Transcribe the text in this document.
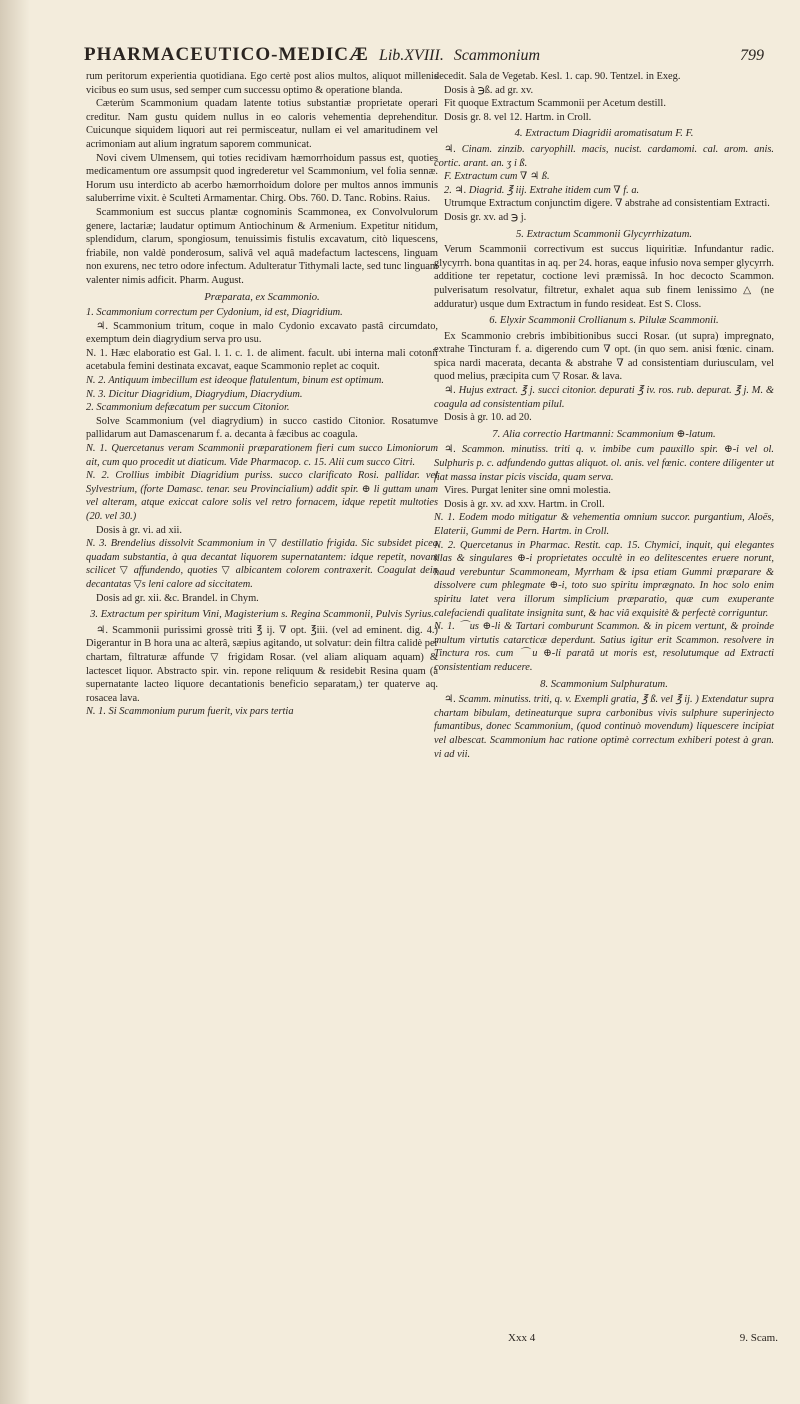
PHARMACEUTICO-MEDICÆ Lib.XVIII. Scammonium	799

rum peritorum experientia quotidiana. Ego certè post alios multos, aliquot millenis vicibus eo sum usus, sed semper cum successu optimo & operatione blanda.

Cæterùm Scammonium quadam latente totius substantiæ proprietate operari creditur. Nam gustu quidem nullus in eo caloris vehementia deprehenditur. Cuicunque siquidem liquori aut rei permisceatur, nullam ei vel amaritudinem vel acrimoniam aut alium ingratum saporem communicat.

Novi civem Ulmensem, qui toties recidivam hæmorrhoidum passus est, quoties medicamentum ore assumpsit quod ingrederetur vel Scammonium, vel folia sennæ. Horum usu interdicto ab acerbo hæmorrhoidum dolore per multos annos immunis saluberrime vixit. è Sculteti Armamentar. Chirg. Obs. 760. D. Tanc. Robins. Raius.

Scammonium est succus plantæ cognominis Scammonea, ex Convolvulorum genere, lactariæ; laudatur optimum Antiochinum & Armenium. Expetitur nitidum, splendidum, clarum, spongiosum, tenuissimis fistulis excavatum, citò liquescens, friabile, non valdè ponderosum, salivâ vel aquâ madefactum lactescens, linguam non exurens, nec tetro odore infectum. Adulteratur Tithymali lacte, sed tunc linguam valenter nimis adficit. Pharm. August.

Præparata, ex Scammonio.

1. Scammonium correctum per Cydonium, id est, Diagridium.

♃. Scammonium tritum, coque in malo Cydonio excavato pastâ circumdato, exemptum dein diagrydium serva pro usu.

N. 1. Hæc elaboratio est Gal. l. 1. c. 1. de aliment. facult. ubi interna mali cotonii acetabula femini destinata excavat, eaque Scammonio replet ac coquit.

N. 2. Antiquum imbecillum est ideoque flatulentum, binum est optimum.

N. 3. Dicitur Diagridium, Diagrydium, Diacrydium.

2. Scammonium defæcatum per succum Citonior.

Solve Scammonium (vel diagrydium) in succo castido Citonior. Rosatumve pallidarum aut Damascenarum f. a. decanta à fæcibus ac coagula.

N. 1. Quercetanus veram Scammonii præparationem fieri cum succo Limoniorum ait, cum quo procedit ut diaticum. Vide Pharmacop. c. 15. Alii cum succo Citri.

N. 2. Crollius imbibit Diagridium puriss. succo clarificato Rosi. pallidar. vel Sylvestrium, (forte Damasc. tenar. seu Provincialium) addit spir. ⊕ li guttam unam vel alteram, atque exiccat calore solis vel retro fornacem, idque repetit multoties (20. vel 30.)

Dosis à gr. vi. ad xii.

N. 3. Brendelius dissolvit Scammonium in ▽ destillatio frigida. Sic subsidet picea quadam substantia, à qua decantat liquorem supernatantem: idque repetit, novam scilicet ▽ affundendo, quoties ▽ albicantem colorem contraxerit. Coagulat dein decantatas ▽s leni calore ad siccitatem.

Dosis ad gr. xii. &c. Brandel. in Chym.

3. Extractum per spiritum Vini, Magisterium s. Regina Scammonii, Pulvis Syrius.

♃. Scammonii purissimi grossè triti ℥ ij. ∇ opt. ℥iii. (vel ad eminent. dig. 4.) Digerantur in B hora una ac alterâ, sæpius agitando, ut solvatur: dein filtra calidè per chartam, filtraturæ affunde ▽ frigidam Rosar. (vel aliam aliquam aquam) & lactescet liquor. Abstracto spir. vin. repone reliquum & residebit Resina quam (à supernatante lacteo liquore decantationis beneficio separatam,) ter quaterve aq. rosacea lava.

N. 1. Si Scammonium purum fuerit, vix pars tertia

decedit. Sala de Vegetab. Kesl. 1. cap. 90. Tentzel. in Exeg.

Dosis à ℈ß. ad gr. xv.

Fit quoque Extractum Scammonii per Acetum destill.

Dosis gr. 8. vel 12. Hartm. in Croll.

4. Extractum Diagridii aromatisatum F. F.

♃. Cinam. zinzib. caryophill. macis, nucist. cardamomi. cal. arom. anis. cortic. arant. an. ʒ i ß.

F. Extractum cum ∇ ♃ ß.

2. ♃. Diagrid. ℥ iij. Extrahe itidem cum ∇ f. a.

Utrumque Extractum conjunctim digere. ∇ abstrahe ad consistentiam Extracti.

Dosis gr. xv. ad ℈ j.

5. Extractum Scammonii Glycyrrhizatum.

Verum Scammonii correctivum est succus liquiritiæ. Infundantur radic. glycyrrh. bona quantitas in aq. per 24. horas, eaque infusio nova semper glycyrrh. additione ter repetatur, coctione levi præmissâ. In hoc decocto Scammon. pulverisatum resolvatur, filtretur, exhalet aqua sub finem lenissimo △ (ne adduratur) usque dum Extractum in fundo resideat. Est S. Closs.

6. Elyxir Scammonii Crollianum s. Pilulæ Scammonii.

Ex Scammonio crebris imbibitionibus succi Rosar. (ut supra) impregnato, extrahe Tincturam f. a. digerendo cum ∇ opt. (in quo sem. anisi fœnic. cinam. spica nardi macerata, decanta & abstrahe ∇ ad consistentiam duriusculam, vel quod melius, præcipita cum ▽ Rosar. & lava.

♃. Hujus extract. ℥ j. succi citonior. depurati ℥ iv. ros. rub. depurat. ℥ j. M. & coagula ad consistentiam pilul.

Dosis à gr. 10. ad 20.

7. Alia correctio Hartmanni: Scammonium ⊕-latum.

♃. Scammon. minutiss. triti q. v. imbibe cum pauxillo spir. ⊕-i vel ol. Sulphuris p. c. adfundendo guttas aliquot. ol. anis. vel fœnic. contere diligenter ut fiat massa instar picis viscida, quam serva.

Vires. Purgat leniter sine omni molestia.

Dosis à gr. xv. ad xxv. Hartm. in Croll.

N. 1. Eodem modo mitigatur & vehementia omnium succor. purgantium, Aloës, Elaterii, Gummi de Pern. Hartm. in Croll.

N. 2. Quercetanus in Pharmac. Restit. cap. 15. Chymici, inquit, qui elegantes illas & singulares ⊕-i proprietates occultè in eo delitescentes eruere norunt, haud verebuntur Scammoneam, Myrrham & ipsa etiam Gummi præparare & dissolvere cum phlegmate ⊕-i, toto suo spiritu imprægnato. In hoc solo enim spiritu latet vera illorum simplicium præparatio, quæ cum exuperante calefaciendi qualitate insignita sunt, & hac viâ exquisitè & perfectè corriguntur.

N. 1. ⌒us ⊕-li & Tartari comburunt Scammon. & in picem vertunt, & proinde multum virtutis catarcticæ deperdunt. Satius igitur erit Scammon. resolvere in Tinctura ros. cum ⌒u ⊕-li paratâ ut moris est, resolutumque ad Extracti consistentiam reducere.

8. Scammonium Sulphuratum.

♃. Scamm. minutiss. triti, q. v. Exempli gratia, ℥ ß. vel ℥ ij. ) Extendatur supra chartam bibulam, detineaturque supra carbonibus vivis sulphure superinjecto fumantibus, donec Scammonium, (quod continuò movendum) liquescere incipiat vel albescat. Scammonium hac ratione optimè correctum exhiberi potest à gran. vi ad vii.

Xxx 4	9. Scam.
